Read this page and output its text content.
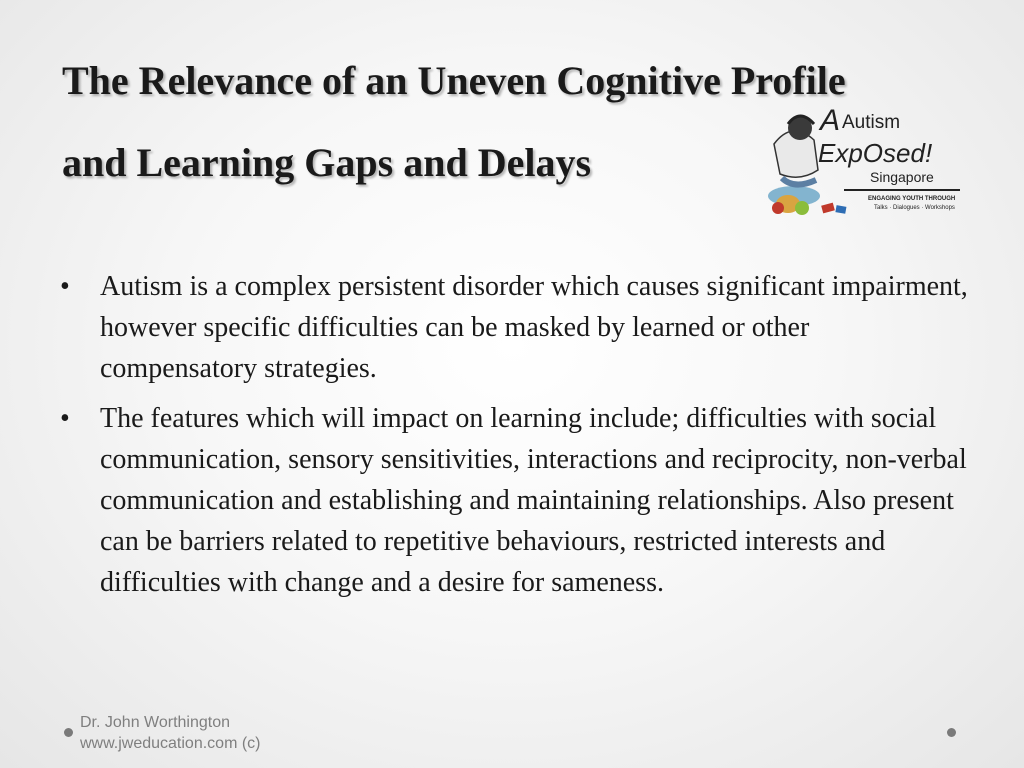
The Relevance of an Uneven Cognitive Profile
and Learning Gaps and Delays
A Autism
ExpOsed!
Singapore
ENGAGING YOUTH THROUGH
Talks · Dialogues · Workshops
•	Autism is a complex persistent disorder which causes significant impairment, however specific difficulties can be masked by learned or other compensatory strategies.
•	The features which will impact on learning include; difficulties with social communication, sensory sensitivities, interactions and reciprocity, non-verbal communication and establishing and maintaining relationships. Also present can be barriers related to repetitive behaviours, restricted interests and difficulties with change and a desire for sameness.
Dr. John Worthington
www.jweducation.com (c)
